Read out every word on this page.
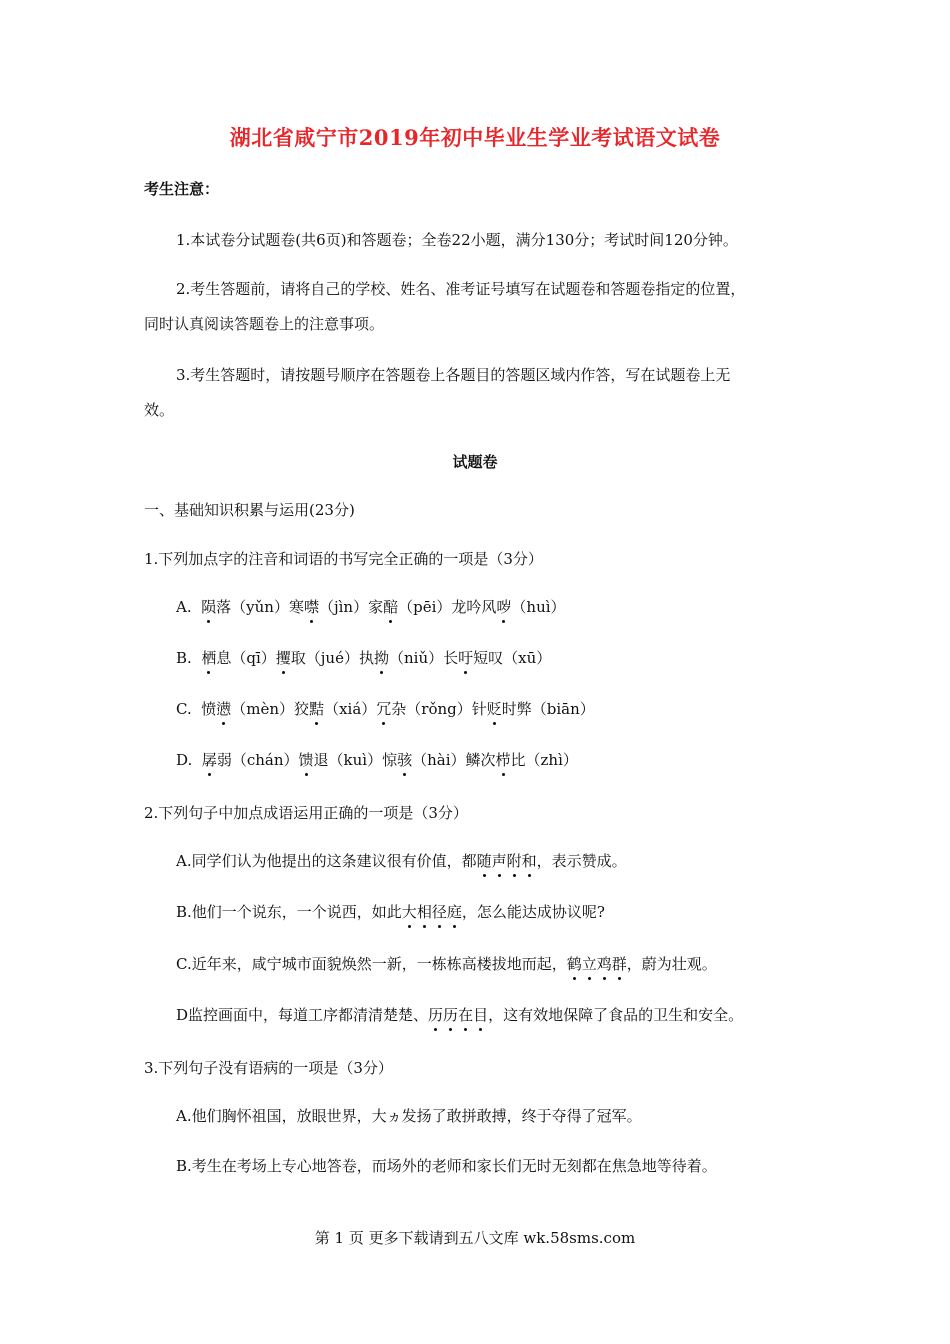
湖北省咸宁市2019年初中毕业生学业考试语文试卷
考生注意：
1.本试卷分试题卷(共6页)和答题卷；全卷22小题，满分130分；考试时间120分钟。
2.考生答题前，请将自己的学校、姓名、准考证号填写在试题卷和答题卷指定的位置，
同时认真阅读答题卷上的注意事项。
3.考生答题时，请按题号顺序在答题卷上各题目的答题区域内作答，写在试题卷上无
效。
试题卷
一、基础知识积累与运用(23分)
1.下列加点字的注音和词语的书写完全正确的一项是（3分）
A. 陨落（yǔn）寒噤（jìn）家醅（pēi）龙吟风哕（huì）
B. 栖息（qī）攫取（jué）执拗（niǔ）长吁短叹（xū）
C. 愤懑（mèn）狡黠（xiá）冗杂（rǒng）针贬时弊（biān）
D. 孱弱（chán）馈退（kuì）惊骇（hài）鳞次栉比（zhì）
2.下列句子中加点成语运用正确的一项是（3分）
A.同学们认为他提出的这条建议很有价值，都随声附和，表示赞成。
B.他们一个说东，一个说西，如此大相径庭，怎么能达成协议呢?
C.近年来，咸宁城市面貌焕然一新，一栋栋高楼拔地而起，鹤立鸡群，蔚为壮观。
D监控画面中，每道工序都清清楚楚、历历在目，这有效地保障了食品的卫生和安全。
3.下列句子没有语病的一项是（3分）
A.他们胸怀祖国，放眼世界，大ヵ发扬了敢拼敢搏，终于夺得了冠军。
B.考生在考场上专心地答卷，而场外的老师和家长们无时无刻都在焦急地等待着。
第 1 页 更多下载请到五八文库 wk.58sms.com
